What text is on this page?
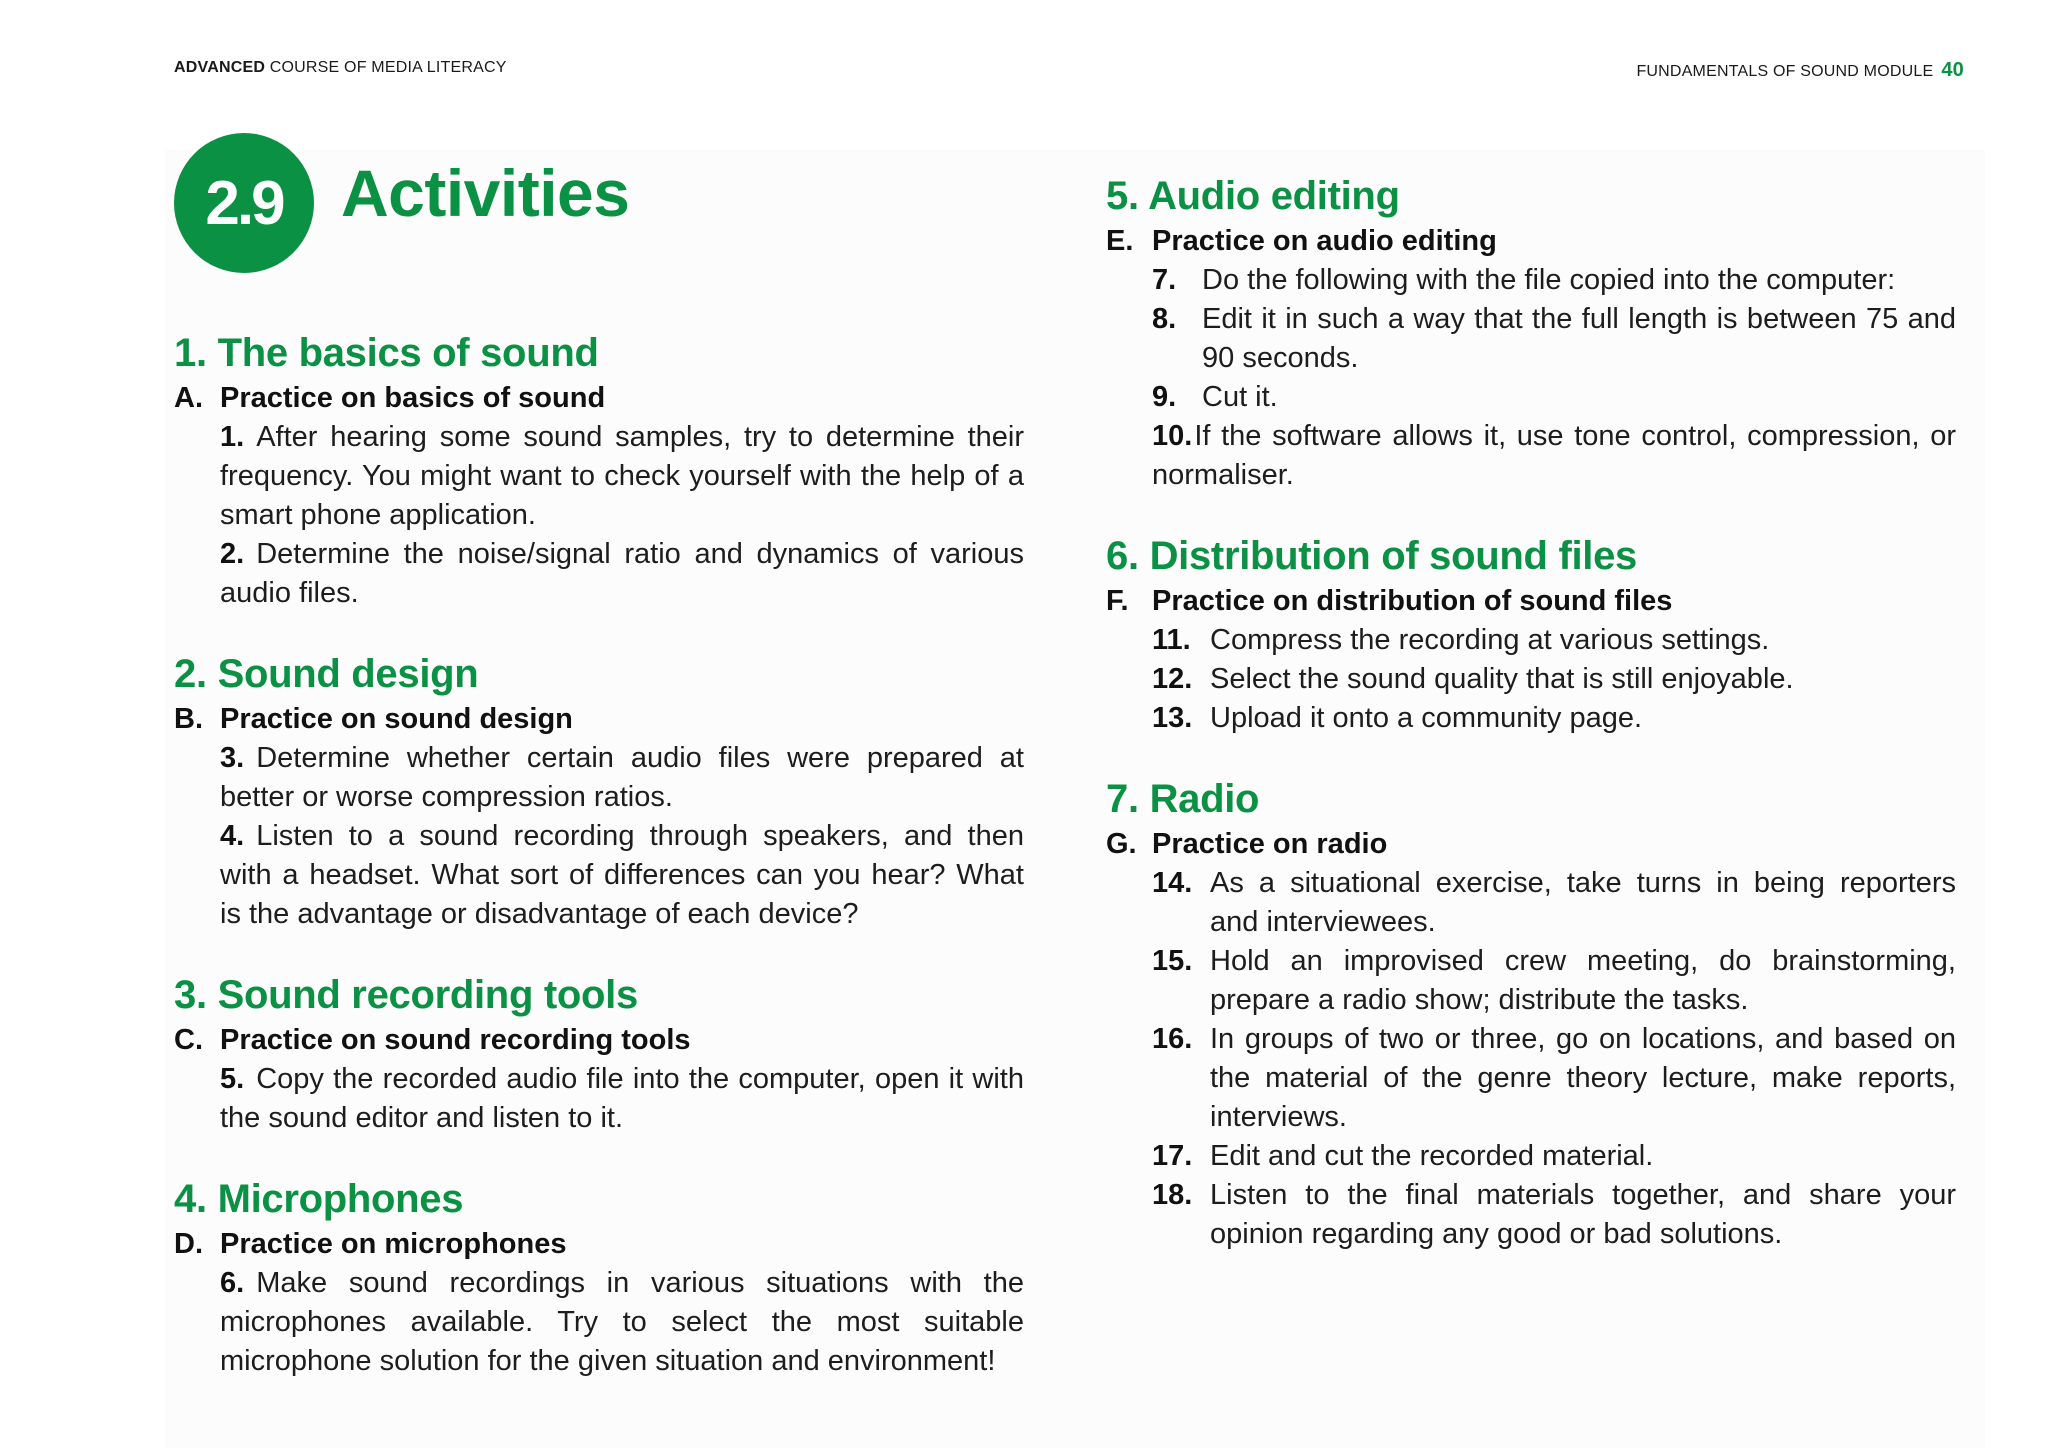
ADVANCED COURSE OF MEDIA LITERACY	FUNDAMENTALS OF SOUND MODULE 40
2.9 Activities
1. The basics of sound
A. Practice on basics of sound
1. After hearing some sound samples, try to determine their frequency. You might want to check yourself with the help of a smart phone application.
2. Determine the noise/signal ratio and dynamics of various audio files.
2. Sound design
B. Practice on sound design
3. Determine whether certain audio files were prepared at better or worse compression ratios.
4. Listen to a sound recording through speakers, and then with a headset. What sort of differences can you hear? What is the advantage or disadvantage of each device?
3. Sound recording tools
C. Practice on sound recording tools
5. Copy the recorded audio file into the computer, open it with the sound editor and listen to it.
4. Microphones
D. Practice on microphones
6. Make sound recordings in various situations with the microphones available. Try to select the most suitable microphone solution for the given situation and environment!
5. Audio editing
E. Practice on audio editing
7. Do the following with the file copied into the computer:
8. Edit it in such a way that the full length is between 75 and 90 seconds.
9. Cut it.
10.If the software allows it, use tone control, compression, or normaliser.
6. Distribution of sound files
F. Practice on distribution of sound files
11. Compress the recording at various settings.
12. Select the sound quality that is still enjoyable.
13. Upload it onto a community page.
7. Radio
G. Practice on radio
14. As a situational exercise, take turns in being reporters and interviewees.
15. Hold an improvised crew meeting, do brainstorming, prepare a radio show; distribute the tasks.
16. In groups of two or three, go on locations, and based on the material of the genre theory lecture, make reports, interviews.
17. Edit and cut the recorded material.
18. Listen to the final materials together, and share your opinion regarding any good or bad solutions.
